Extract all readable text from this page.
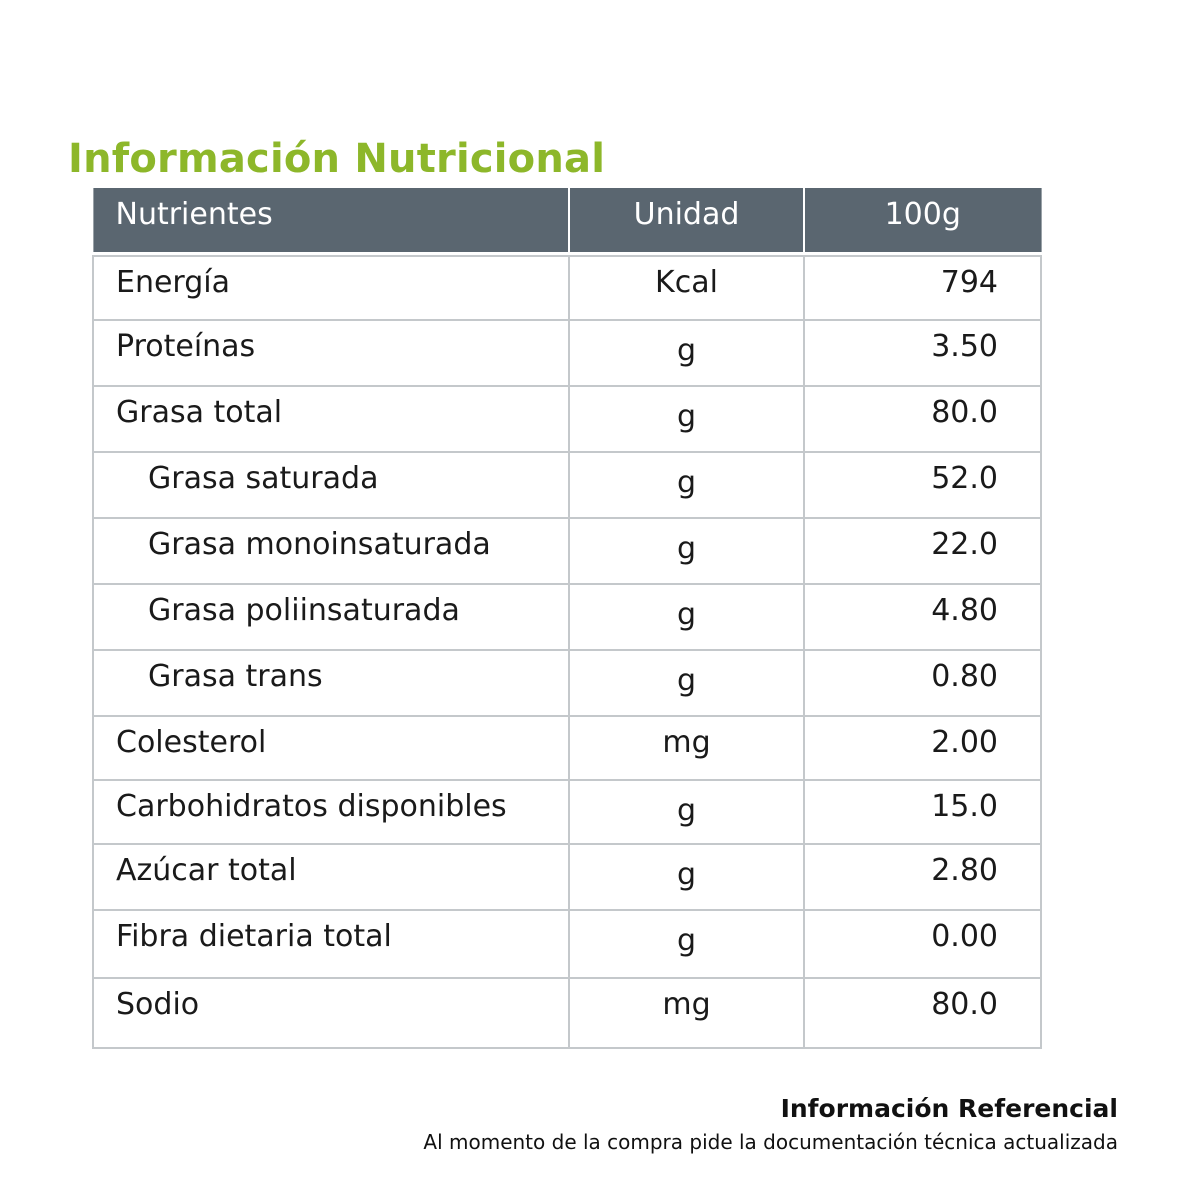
Información Nutricional
Nutrientes	Unidad	100g

Energía	Kcal	794

Proteínas	g	3.50

Grasa total	g	80.0

Grasa saturada	g	52.0

Grasa monoinsaturada	g	22.0

Grasa poliinsaturada	g	4.80

Grasa trans	g	0.80

Colesterol	mg	2.00

Carbohidratos disponibles	g	15.0

Azúcar total	g	2.80

Fibra dietaria total	g	0.00

Sodio	mg	80.0
Información Referencial
Al momento de la compra pide la documentación técnica actualizada
